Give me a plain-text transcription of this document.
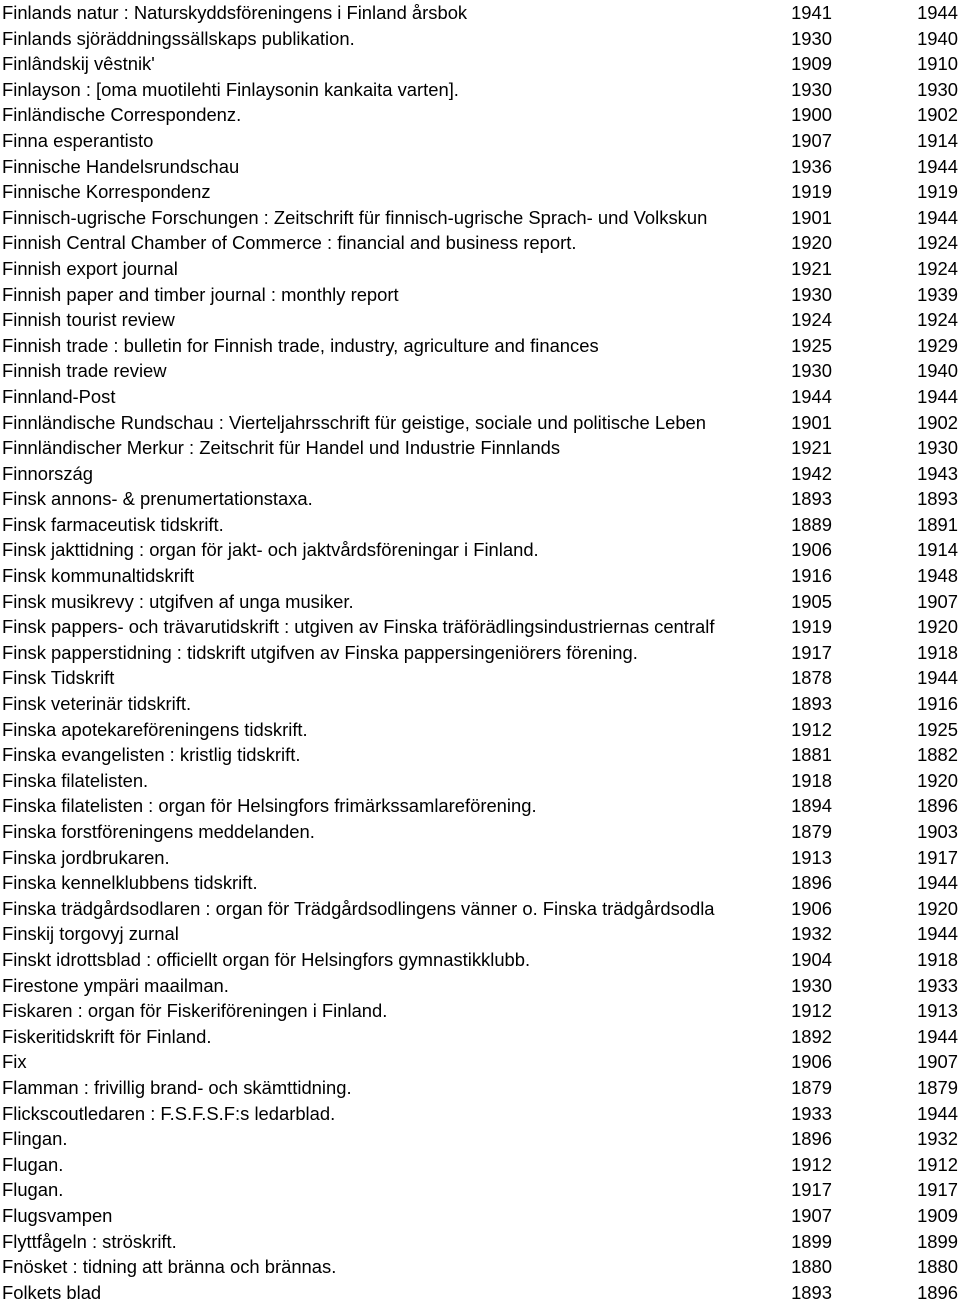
Finlands natur : Naturskyddsföreningens i Finland årsbok	1941	1944
Finlands sjöräddningssällskaps publikation.	1930	1940
Finlândskij vêstnik'	1909	1910
Finlayson : [oma muotilehti Finlaysonin kankaita varten].	1930	1930
Finländische Correspondenz.	1900	1902
Finna esperantisto	1907	1914
Finnische Handelsrundschau	1936	1944
Finnische Korrespondenz	1919	1919
Finnisch-ugrische Forschungen : Zeitschrift für finnisch-ugrische Sprach- und Volkskun	1901	1944
Finnish Central Chamber of Commerce : financial and business report.	1920	1924
Finnish export journal	1921	1924
Finnish paper and timber journal : monthly report	1930	1939
Finnish tourist review	1924	1924
Finnish trade : bulletin for Finnish trade, industry, agriculture and finances	1925	1929
Finnish trade review	1930	1940
Finnland-Post	1944	1944
Finnländische Rundschau : Vierteljahrsschrift für geistige, sociale und politische Leben	1901	1902
Finnländischer Merkur : Zeitschrit für Handel und Industrie Finnlands	1921	1930
Finnország	1942	1943
Finsk annons- & prenumertationstaxa.	1893	1893
Finsk farmaceutisk tidskrift.	1889	1891
Finsk jakttidning : organ för jakt- och jaktvårdsföreningar i Finland.	1906	1914
Finsk kommunaltidskrift	1916	1948
Finsk musikrevy : utgifven af unga musiker.	1905	1907
Finsk pappers- och trävarutidskrift : utgiven av Finska träförädlingsindustriernas centralf	1919	1920
Finsk papperstidning : tidskrift utgifven av Finska pappersingeniörers förening.	1917	1918
Finsk Tidskrift	1878	1944
Finsk veterinär tidskrift.	1893	1916
Finska apotekareföreningens tidskrift.	1912	1925
Finska evangelisten : kristlig tidskrift.	1881	1882
Finska filatelisten.	1918	1920
Finska filatelisten : organ för Helsingfors frimärkssamlareförening.	1894	1896
Finska forstföreningens meddelanden.	1879	1903
Finska jordbrukaren.	1913	1917
Finska kennelklubbens tidskrift.	1896	1944
Finska trädgårdsodlaren : organ för Trädgårdsodlingens vänner o. Finska trädgårdsodla	1906	1920
Finskij torgovyj zurnal	1932	1944
Finskt idrottsblad : officiellt organ för Helsingfors gymnastikklubb.	1904	1918
Firestone ympäri maailman.	1930	1933
Fiskaren : organ för Fiskeriföreningen i Finland.	1912	1913
Fiskeritidskrift för Finland.	1892	1944
Fix	1906	1907
Flamman : frivillig brand- och skämttidning.	1879	1879
Flickscoutledaren : F.S.F.S.F:s ledarblad.	1933	1944
Flingan.	1896	1932
Flugan.	1912	1912
Flugan.	1917	1917
Flugsvampen	1907	1909
Flyttfågeln : ströskrift.	1899	1899
Fnösket : tidning att bränna och brännas.	1880	1880
Folkets blad	1893	1896
